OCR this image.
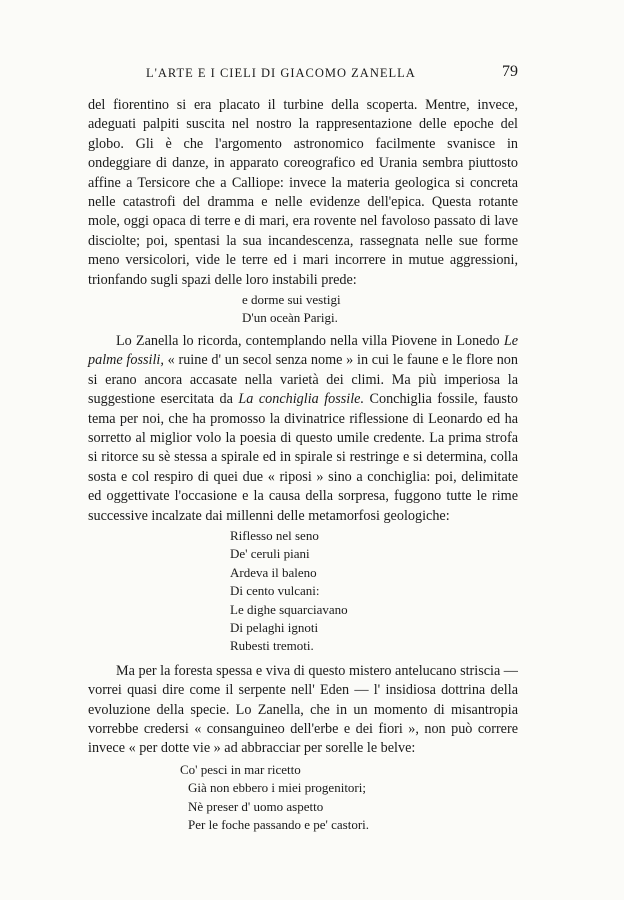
L'ARTE E I CIELI DI GIACOMO ZANELLA	79

del fiorentino si era placato il turbine della scoperta. Mentre, invece, adeguati palpiti suscita nel nostro la rappresentazione delle epoche del globo. Gli è che l'argomento astronomico facilmente svanisce in ondeggiare di danze, in apparato coreografico ed Urania sembra piuttosto affine a Tersicore che a Calliope: invece la materia geologica si concreta nelle catastrofi del dramma e nelle evidenze dell'epica. Questa rotante mole, oggi opaca di terre e di mari, era rovente nel favoloso passato di lave disciolte; poi, spentasi la sua incandescenza, rassegnata nelle sue forme meno versicolori, vide le terre ed i mari incorrere in mutue aggressioni, trionfando sugli spazi delle loro instabili prede:

e dorme sui vestigi
D'un oceàn Parigi.

Lo Zanella lo ricorda, contemplando nella villa Piovene in Lonedo Le palme fossili, « ruine d' un secol senza nome » in cui le faune e le flore non si erano ancora accasate nella varietà dei climi. Ma più imperiosa la suggestione esercitata da La conchiglia fossile. Conchiglia fossile, fausto tema per noi, che ha promosso la divinatrice riflessione di Leonardo ed ha sorretto al miglior volo la poesia di questo umile credente. La prima strofa si ritorce su sè stessa a spirale ed in spirale si restringe e si determina, colla sosta e col respiro di quei due « riposi » sino a conchiglia: poi, delimitate ed oggettivate l'occasione e la causa della sorpresa, fuggono tutte le rime successive incalzate dai millenni delle metamorfosi geologiche:

Riflesso nel seno
De' ceruli piani
Ardeva il baleno
Di cento vulcani:
Le dighe squarciavano
Di pelaghi ignoti
Rubesti tremoti.

Ma per la foresta spessa e viva di questo mistero antelucano striscia — vorrei quasi dire come il serpente nell' Eden — l' insidiosa dottrina della evoluzione della specie. Lo Zanella, che in un momento di misantropia vorrebbe credersi « consanguineo dell'erbe e dei fiori », non può correre invece « per dotte vie » ad abbracciar per sorelle le belve:

Co' pesci in mar ricetto
Già non ebbero i miei progenitori;
Nè preser d' uomo aspetto
Per le foche passando e pe' castori.
